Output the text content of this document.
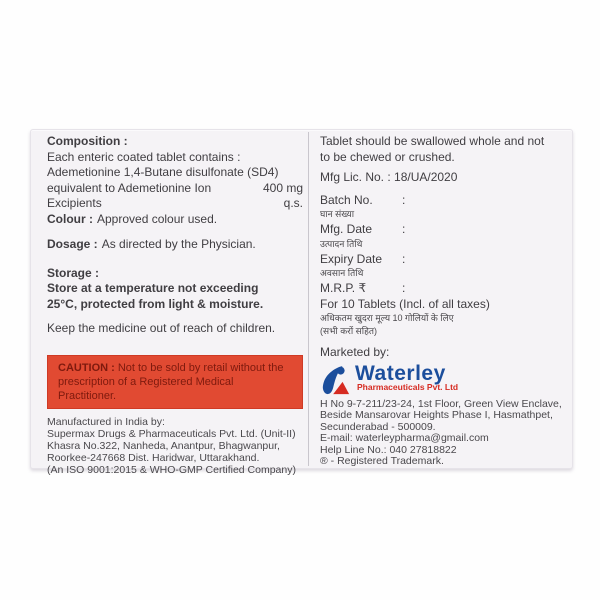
Composition :
Each enteric coated tablet contains :
Ademetionine 1,4-Butane disulfonate (SD4)
equivalent to Ademetionine Ion	400 mg
Excipients	q.s.
Colour : Approved colour used.
Dosage : As directed by the Physician.
Storage :
Store at a temperature not exceeding
25°C, protected from light & moisture.
Keep the medicine out of reach of children.
CAUTION : Not to be sold by retail without the prescription of a Registered Medical Practitioner.
Manufactured in India by:
Supermax Drugs & Pharmaceuticals Pvt. Ltd. (Unit-II)
Khasra No.322, Nanheda, Anantpur, Bhagwanpur,
Roorkee-247668 Dist. Haridwar, Uttarakhand.
(An ISO 9001:2015 & WHO-GMP Certified Company)
Tablet should be swallowed whole and not
to be chewed or crushed.
Mfg Lic. No. : 18/UA/2020
Batch No.	:
घान संख्या
Mfg. Date	:
उत्पादन तिथि
Expiry Date	:
अवसान तिथि
M.R.P. ₹	:
For 10 Tablets (Incl. of all taxes)
अधिकतम खुदरा मूल्य 10 गोलियों के लिए
(सभी करों सहित)
Marketed by:
Waterley
Pharmaceuticals Pvt. Ltd
H No 9-7-211/23-24, 1st Floor, Green View Enclave,
Beside Mansarovar Heights Phase I, Hasmathpet,
Secunderabad - 500009.
E-mail: waterleypharma@gmail.com
Help Line No.: 040 27818822
® - Registered Trademark.
